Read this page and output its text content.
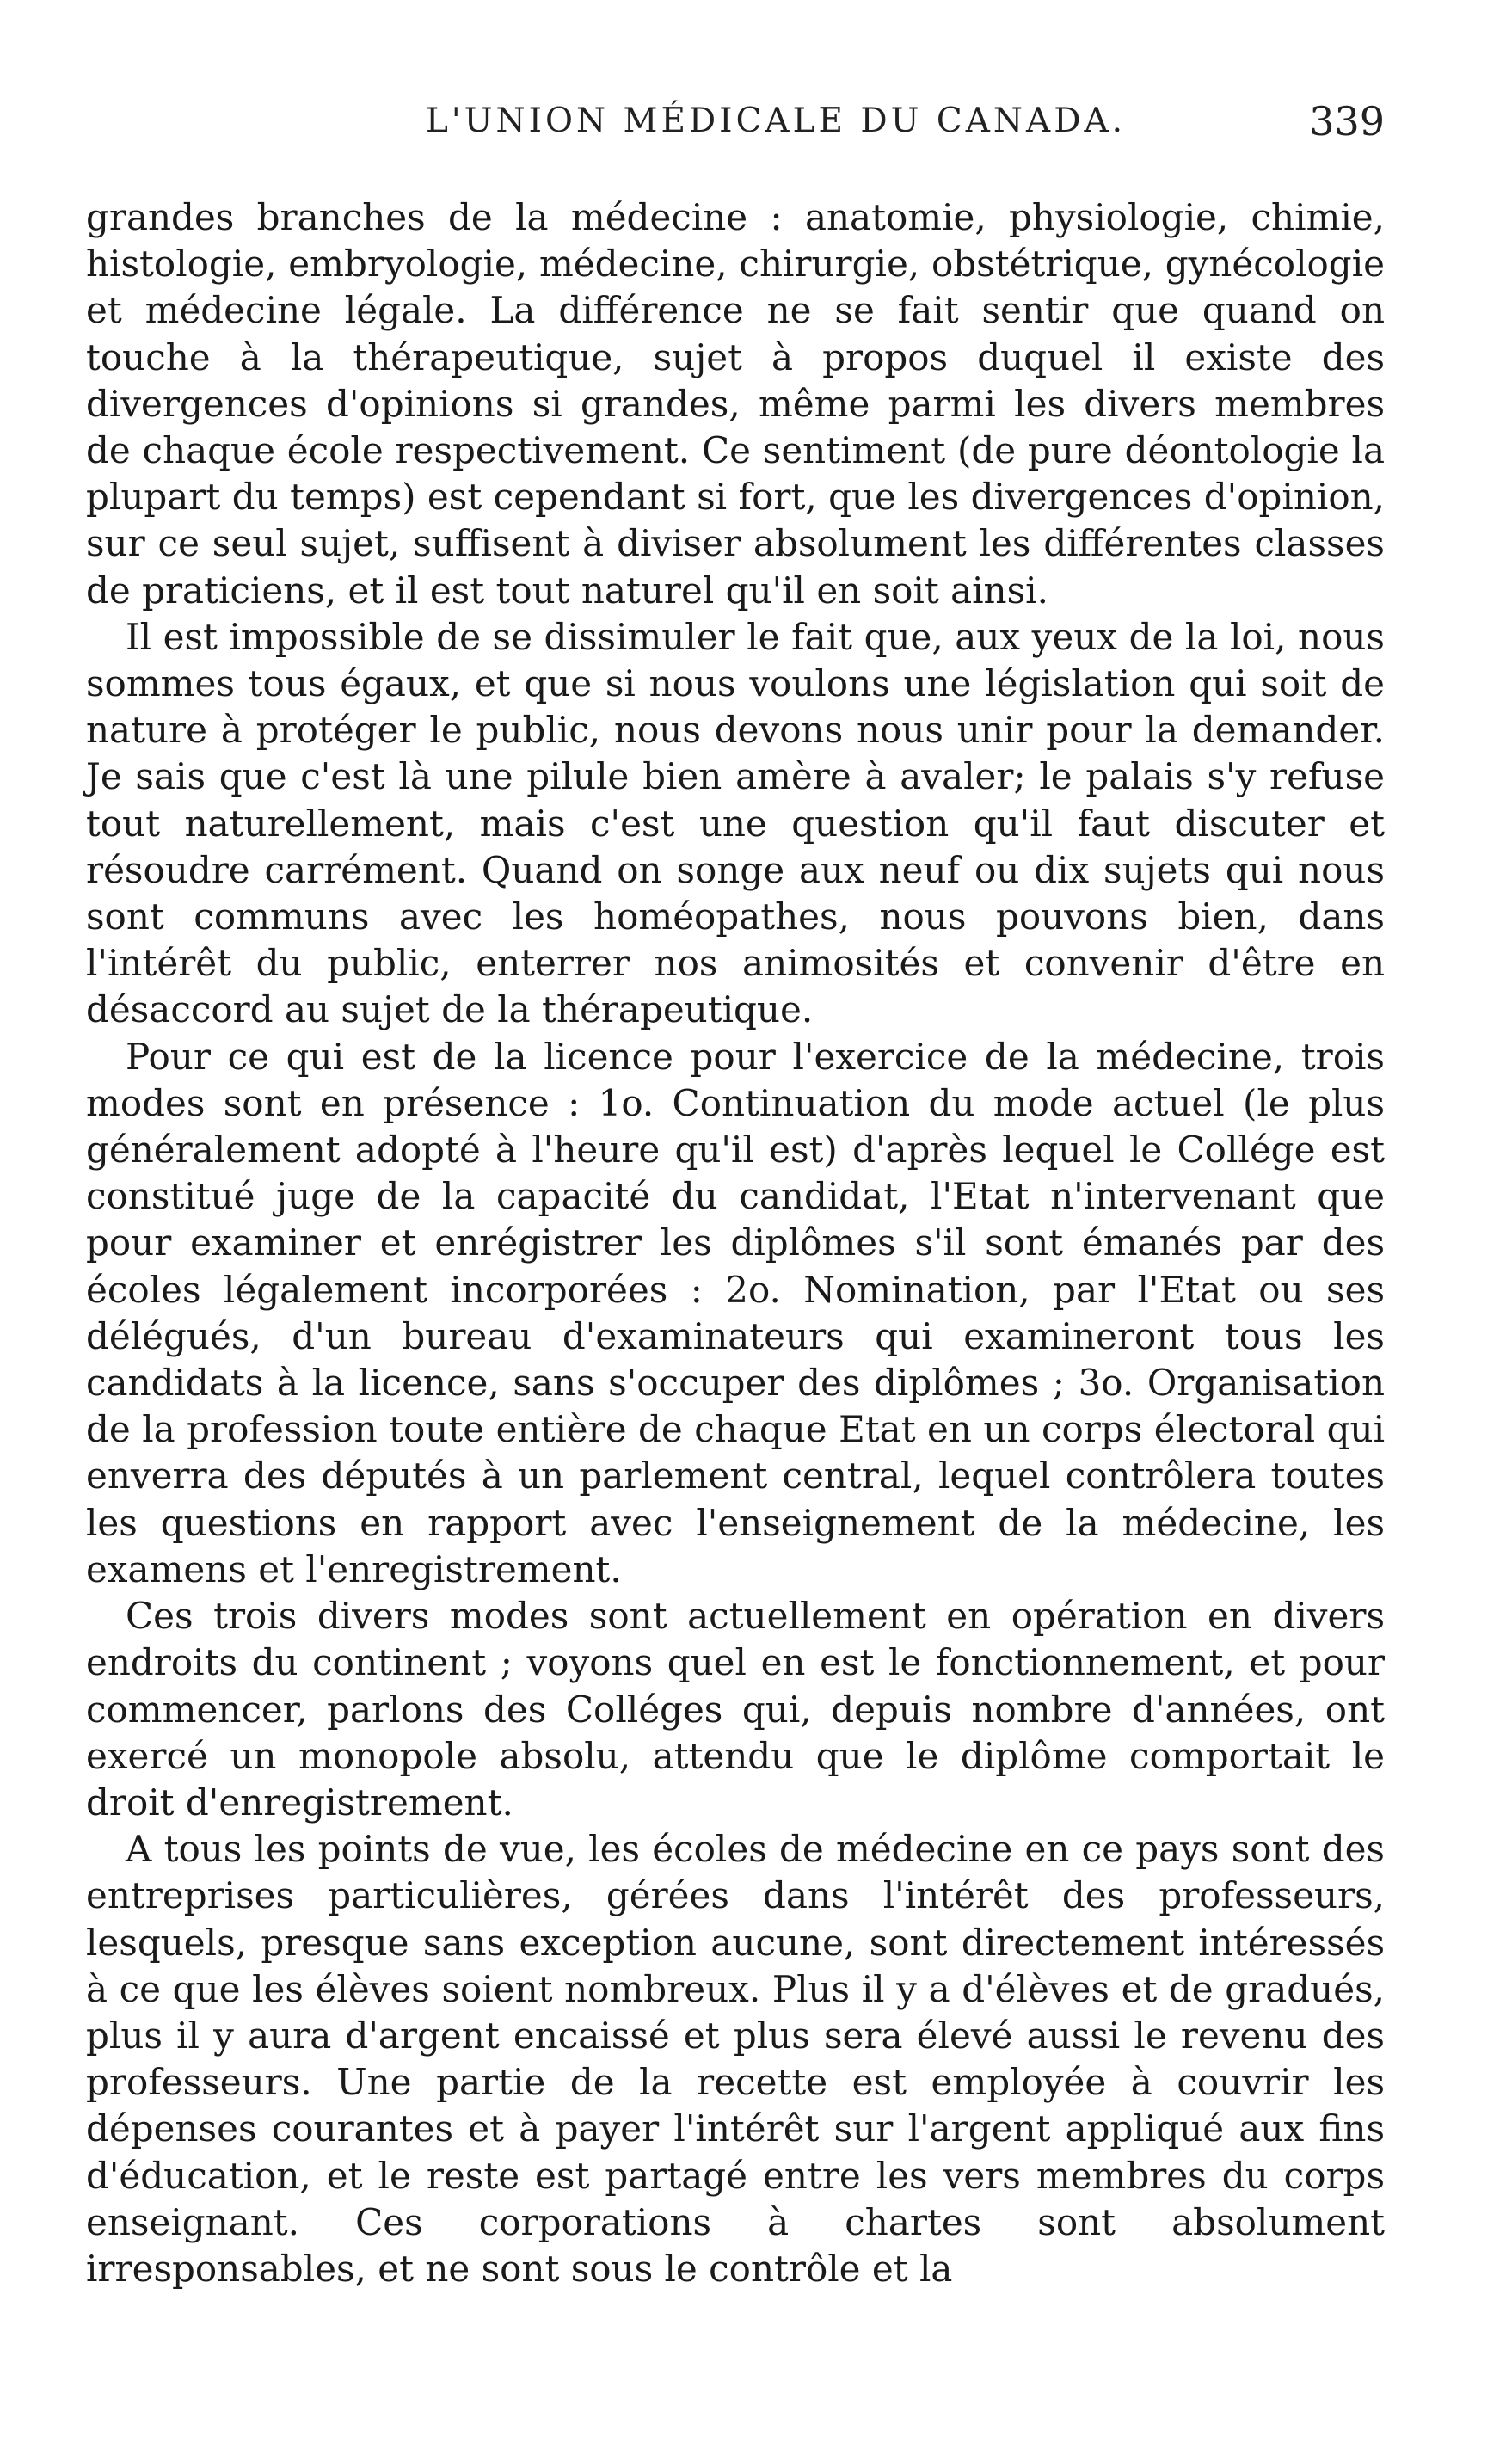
L'UNION MÉDICALE DU CANADA.	339

grandes branches de la médecine : anatomie, physiologie, chimie, histologie, embryologie, médecine, chirurgie, obstétrique, gynécologie et médecine légale. La différence ne se fait sentir que quand on touche à la thérapeutique, sujet à propos duquel il existe des divergences d'opinions si grandes, même parmi les divers membres de chaque école respectivement. Ce sentiment (de pure déontologie la plupart du temps) est cependant si fort, que les divergences d'opinion, sur ce seul sujet, suffisent à diviser absolument les différentes classes de praticiens, et il est tout naturel qu'il en soit ainsi.

Il est impossible de se dissimuler le fait que, aux yeux de la loi, nous sommes tous égaux, et que si nous voulons une législation qui soit de nature à protéger le public, nous devons nous unir pour la demander. Je sais que c'est là une pilule bien amère à avaler; le palais s'y refuse tout naturellement, mais c'est une question qu'il faut discuter et résoudre carrément. Quand on songe aux neuf ou dix sujets qui nous sont communs avec les homéopathes, nous pouvons bien, dans l'intérêt du public, enterrer nos animosités et convenir d'être en désaccord au sujet de la thérapeutique.

Pour ce qui est de la licence pour l'exercice de la médecine, trois modes sont en présence : 1o. Continuation du mode actuel (le plus généralement adopté à l'heure qu'il est) d'après lequel le Collége est constitué juge de la capacité du candidat, l'Etat n'intervenant que pour examiner et enrégistrer les diplômes s'il sont émanés par des écoles légalement incorporées : 2o. Nomination, par l'Etat ou ses délégués, d'un bureau d'examinateurs qui examineront tous les candidats à la licence, sans s'occuper des diplômes ; 3o. Organisation de la profession toute entière de chaque Etat en un corps électoral qui enverra des députés à un parlement central, lequel contrôlera toutes les questions en rapport avec l'enseignement de la médecine, les examens et l'enregistrement.

Ces trois divers modes sont actuellement en opération en divers endroits du continent ; voyons quel en est le fonctionnement, et pour commencer, parlons des Colléges qui, depuis nombre d'années, ont exercé un monopole absolu, attendu que le diplôme comportait le droit d'enregistrement.

A tous les points de vue, les écoles de médecine en ce pays sont des entreprises particulières, gérées dans l'intérêt des professeurs, lesquels, presque sans exception aucune, sont directement intéressés à ce que les élèves soient nombreux. Plus il y a d'élèves et de gradués, plus il y aura d'argent encaissé et plus sera élevé aussi le revenu des professeurs. Une partie de la recette est employée à couvrir les dépenses courantes et à payer l'intérêt sur l'argent appliqué aux fins d'éducation, et le reste est partagé entre les vers membres du corps enseignant. Ces corporations à chartes sont absolument irresponsables, et ne sont sous le contrôle et la
